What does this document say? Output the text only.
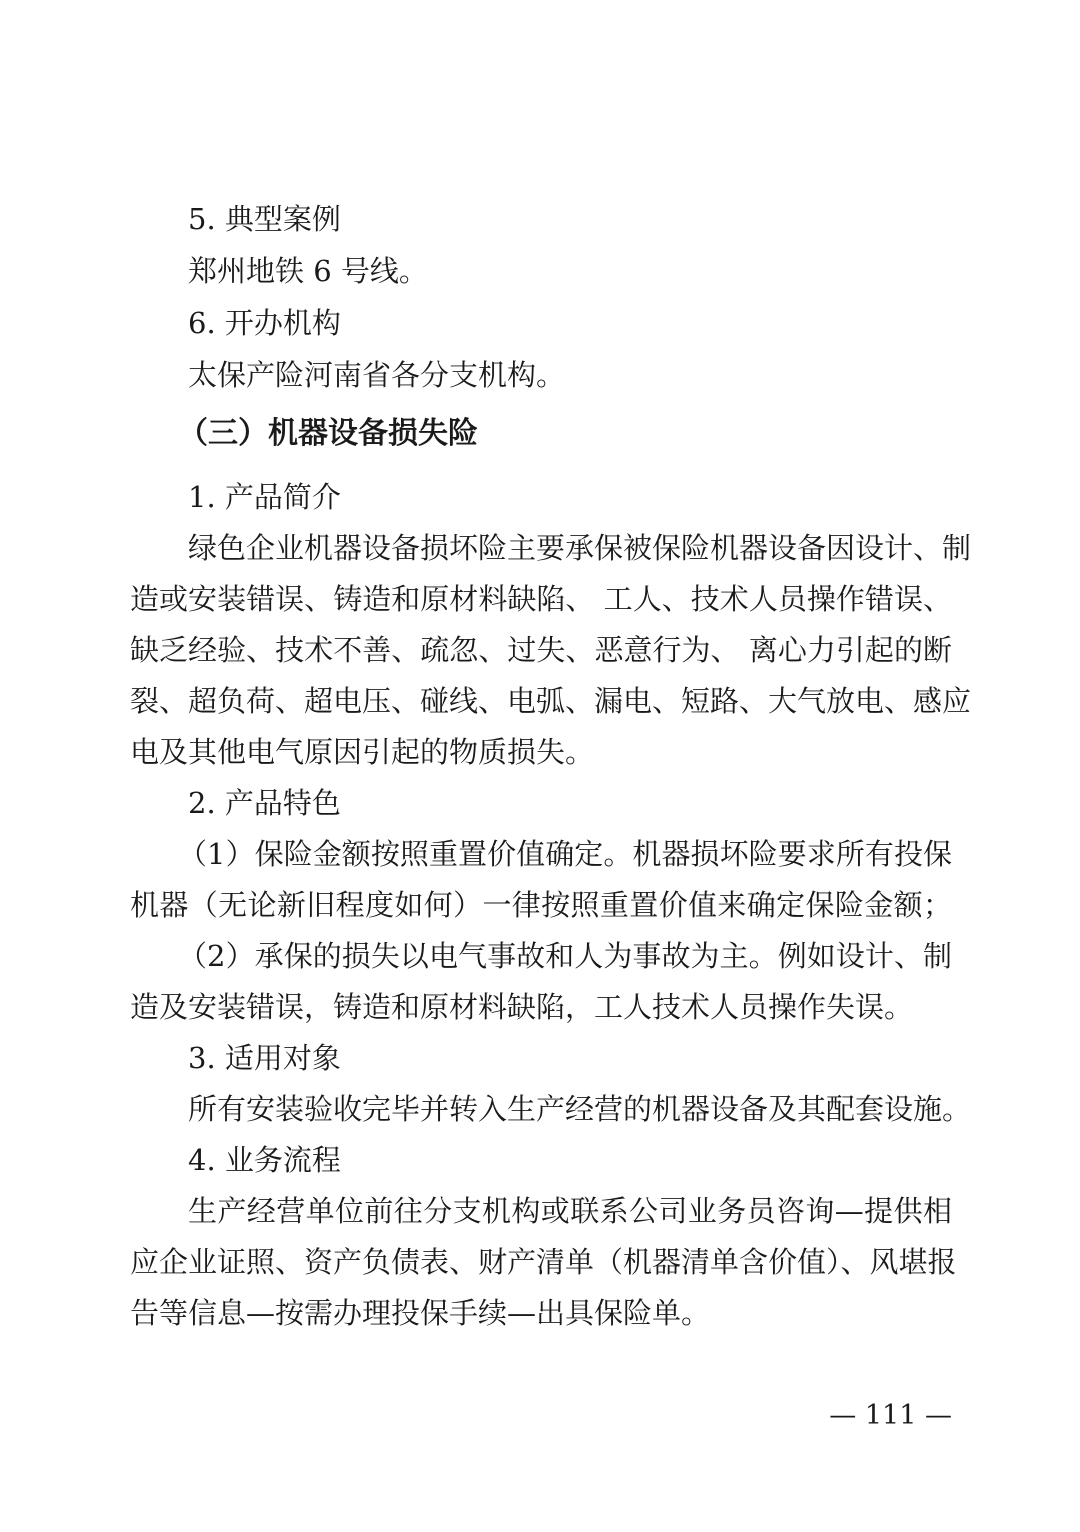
5. 典型案例
郑州地铁 6 号线。
6. 开办机构
太保产险河南省各分支机构。
（三）机器设备损失险
1. 产品简介
绿色企业机器设备损坏险主要承保被保险机器设备因设计、制
造或安装错误、铸造和原材料缺陷、 工人、技术人员操作错误、
缺乏经验、技术不善、疏忽、过失、恶意行为、 离心力引起的断
裂、超负荷、超电压、碰线、电弧、漏电、短路、大气放电、感应
电及其他电气原因引起的物质损失。
2. 产品特色
（1）保险金额按照重置价值确定。机器损坏险要求所有投保
机器（无论新旧程度如何）一律按照重置价值来确定保险金额；
（2）承保的损失以电气事故和人为事故为主。例如设计、制
造及安装错误，铸造和原材料缺陷，工人技术人员操作失误。
3. 适用对象
所有安装验收完毕并转入生产经营的机器设备及其配套设施。
4. 业务流程
生产经营单位前往分支机构或联系公司业务员咨询—提供相
应企业证照、资产负债表、财产清单（机器清单含价值）、风堪报
告等信息—按需办理投保手续—出具保险单。
— 111 —
